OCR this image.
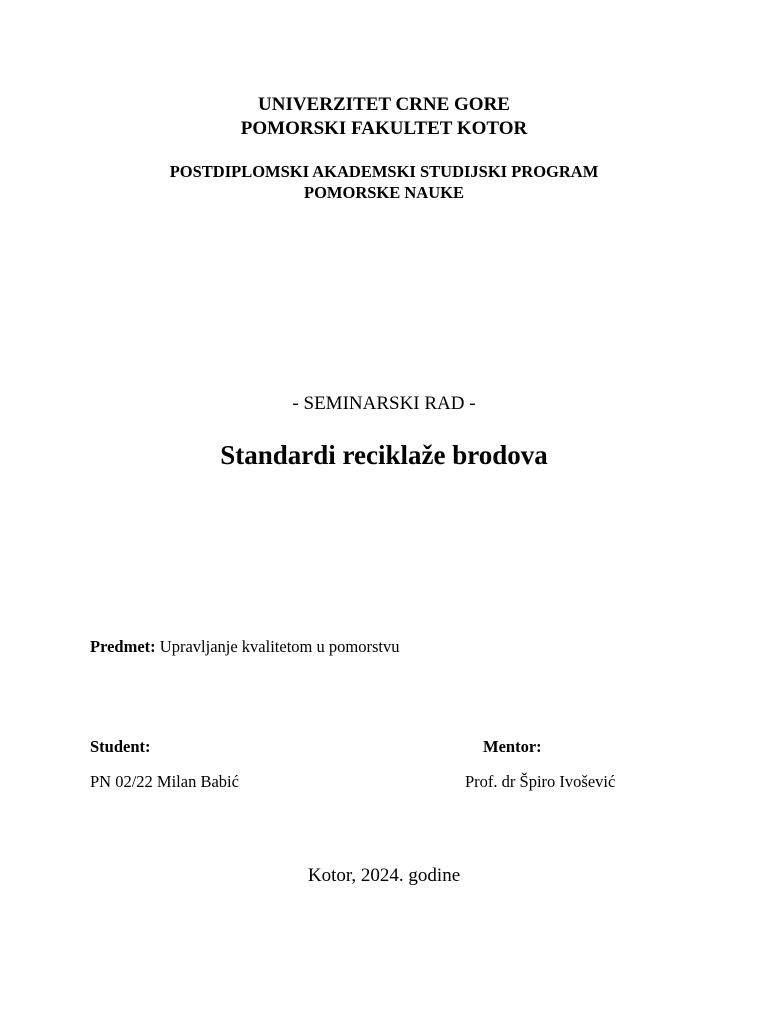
UNIVERZITET CRNE GORE
POMORSKI FAKULTET KOTOR
POSTDIPLOMSKI AKADEMSKI STUDIJSKI PROGRAM
POMORSKE NAUKE
- SEMINARSKI RAD -
Standardi reciklaže brodova
Predmet: Upravljanje kvalitetom u pomorstvu
Student:	Mentor:
PN 02/22 Milan Babić	Prof. dr Špiro Ivošević
Kotor, 2024. godine
